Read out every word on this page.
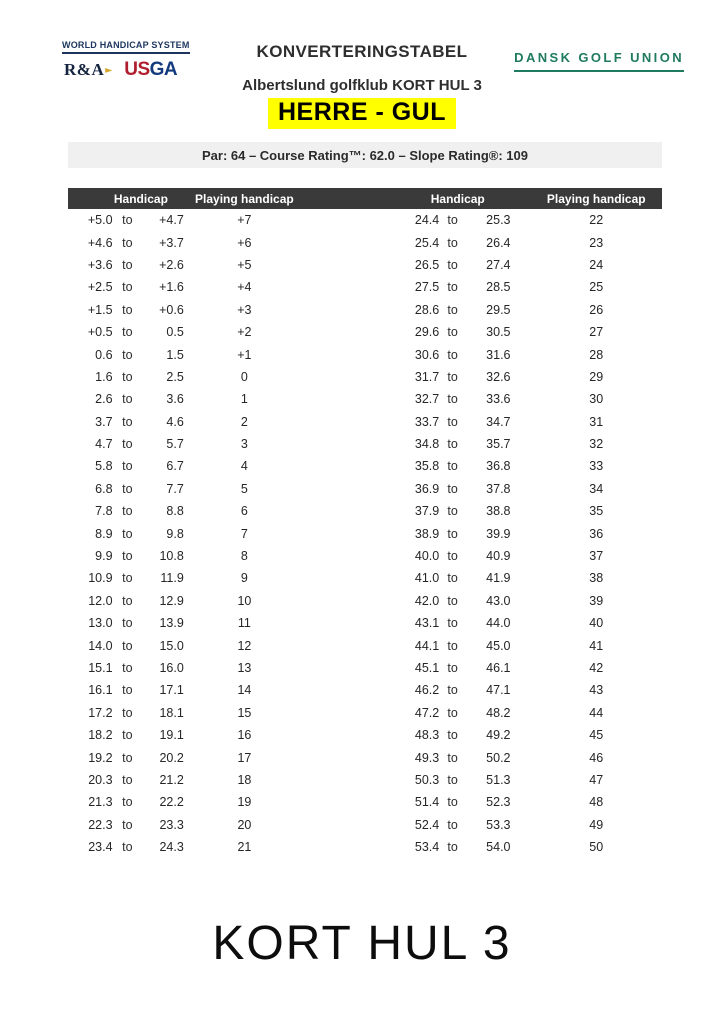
WORLD HANDICAP SYSTEM
R&A	USGA
KONVERTERINGSTABEL
Albertslund golfklub KORT HUL 3
HERRE - GUL
DANSK GOLF UNION
Par: 64 – Course Rating™: 62.0 – Slope Rating®: 109
Handicap	Playing handicap	Handicap	Playing handicap
+5.0 to	+4.7	+7	24.4 to	25.3	22
+4.6 to	+3.7	+6	25.4 to	26.4	23
+3.6 to	+2.6	+5	26.5 to	27.4	24
+2.5 to	+1.6	+4	27.5 to	28.5	25
+1.5 to	+0.6	+3	28.6 to	29.5	26
+0.5 to	0.5	+2	29.6 to	30.5	27
0.6 to	1.5	+1	30.6 to	31.6	28
1.6 to	2.5	0	31.7 to	32.6	29
2.6 to	3.6	1	32.7 to	33.6	30
3.7 to	4.6	2	33.7 to	34.7	31
4.7 to	5.7	3	34.8 to	35.7	32
5.8 to	6.7	4	35.8 to	36.8	33
6.8 to	7.7	5	36.9 to	37.8	34
7.8 to	8.8	6	37.9 to	38.8	35
8.9 to	9.8	7	38.9 to	39.9	36
9.9 to	10.8	8	40.0 to	40.9	37
10.9 to	11.9	9	41.0 to	41.9	38
12.0 to	12.9	10	42.0 to	43.0	39
13.0 to	13.9	11	43.1 to	44.0	40
14.0 to	15.0	12	44.1 to	45.0	41
15.1 to	16.0	13	45.1 to	46.1	42
16.1 to	17.1	14	46.2 to	47.1	43
17.2 to	18.1	15	47.2 to	48.2	44
18.2 to	19.1	16	48.3 to	49.2	45
19.2 to	20.2	17	49.3 to	50.2	46
20.3 to	21.2	18	50.3 to	51.3	47
21.3 to	22.2	19	51.4 to	52.3	48
22.3 to	23.3	20	52.4 to	53.3	49
23.4 to	24.3	21	53.4 to	54.0	50
KORT HUL 3
